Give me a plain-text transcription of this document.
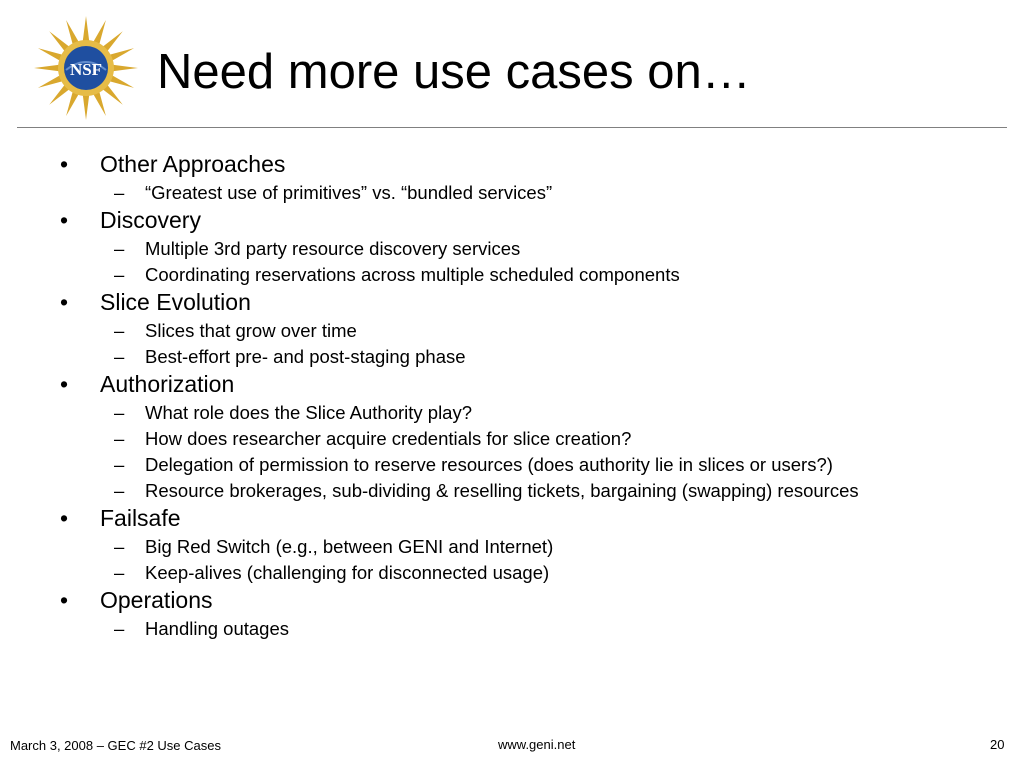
NSF Need more use cases on…
• Other Approaches
– “Greatest use of primitives” vs. “bundled services”
• Discovery
– Multiple 3rd party resource discovery services
– Coordinating reservations across multiple scheduled components
• Slice Evolution
– Slices that grow over time
– Best-effort pre- and post-staging phase
• Authorization
– What role does the Slice Authority play?
– How does researcher acquire credentials for slice creation?
– Delegation of permission to reserve resources (does authority lie in slices or users?)
– Resource brokerages, sub-dividing & reselling tickets, bargaining (swapping) resources
• Failsafe
– Big Red Switch (e.g., between GENI and Internet)
– Keep-alives (challenging for disconnected usage)
• Operations
– Handling outages
March 3, 2008 – GEC #2 Use Cases	www.geni.net	20
